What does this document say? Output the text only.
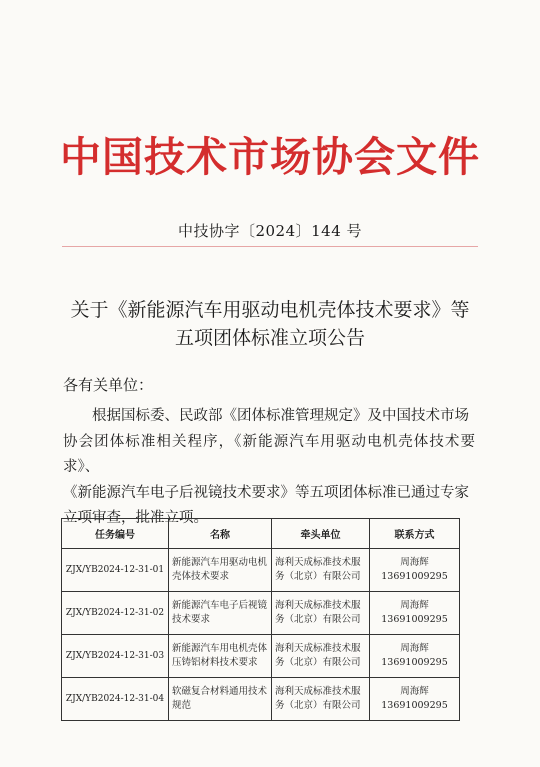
中国技术市场协会文件
中技协字〔2024〕144 号
关于《新能源汽车用驱动电机壳体技术要求》等
五项团体标准立项公告
各有关单位：
根据国标委、民政部《团体标准管理规定》及中国技术市场
协会团体标准相关程序，《新能源汽车用驱动电机壳体技术要求》、
《新能源汽车电子后视镜技术要求》等五项团体标准已通过专家
立项审查，批准立项。
任务编号	名称	牵头单位	联系方式
ZJX/YB2024-12-31-01	新能源汽车用驱动电机壳体技术要求	海利天成标准技术服务（北京）有限公司	周海辉
13691009295

ZJX/YB2024-12-31-02	新能源汽车电子后视镜技术要求	海利天成标准技术服务（北京）有限公司	周海辉
13691009295

ZJX/YB2024-12-31-03	新能源汽车用电机壳体压铸铝材料技术要求	海利天成标准技术服务（北京）有限公司	周海辉
13691009295

ZJX/YB2024-12-31-04	软磁复合材料通用技术规范	海利天成标准技术服务（北京）有限公司	周海辉
13691009295
